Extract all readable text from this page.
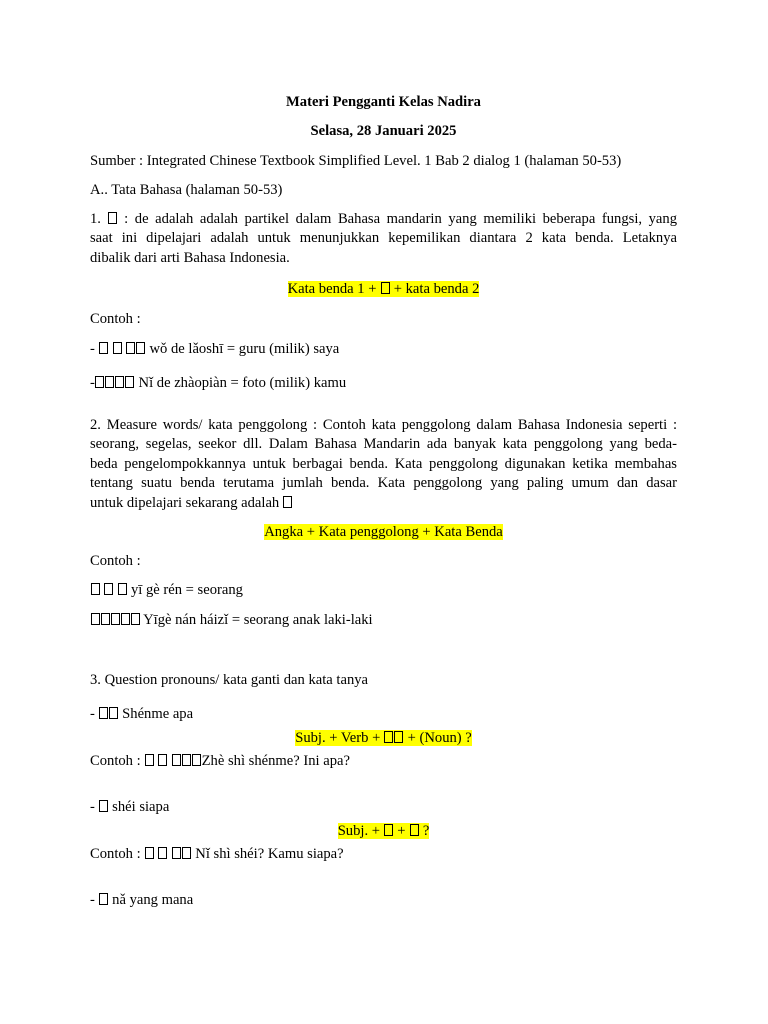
Materi Pengganti Kelas Nadira
Selasa, 28 Januari 2025
Sumber : Integrated Chinese Textbook Simplified Level. 1 Bab 2 dialog 1 (halaman 50-53)
A.. Tata Bahasa (halaman 50-53)
1.  : de adalah adalah partikel dalam Bahasa mandarin yang memiliki beberapa fungsi, yang
saat ini dipelajari adalah untuk menunjukkan kepemilikan diantara 2 kata benda. Letaknya
dibalik dari arti Bahasa Indonesia.
Kata benda 1 +  + kata benda 2
Contoh :
-	wǒ de lǎoshī = guru (milik) saya
-	Nǐ de zhàopiàn = foto (milik) kamu
2. Measure words/ kata penggolong : Contoh kata penggolong dalam Bahasa Indonesia seperti :
seorang, segelas, seekor dll. Dalam Bahasa Mandarin ada banyak kata penggolong yang beda-
beda pengelompokkannya untuk berbagai benda. Kata penggolong digunakan ketika membahas
tentang suatu benda terutama jumlah benda. Kata penggolong yang paling umum dan dasar
untuk dipelajari sekarang adalah
Angka + Kata penggolong + Kata Benda
Contoh :
yī gè rén = seorang
Yīgè nán háizǐ = seorang anak laki-laki
3. Question pronouns/ kata ganti dan kata tanya
-  Shénme apa
Subj. + Verb +  + (Noun) ?
Contoh :	Zhè shì shénme? Ini apa?
-  shéi siapa
Subj. +  +  ?
Contoh :	Nǐ shì shéi? Kamu siapa?
-  nǎ yang mana
